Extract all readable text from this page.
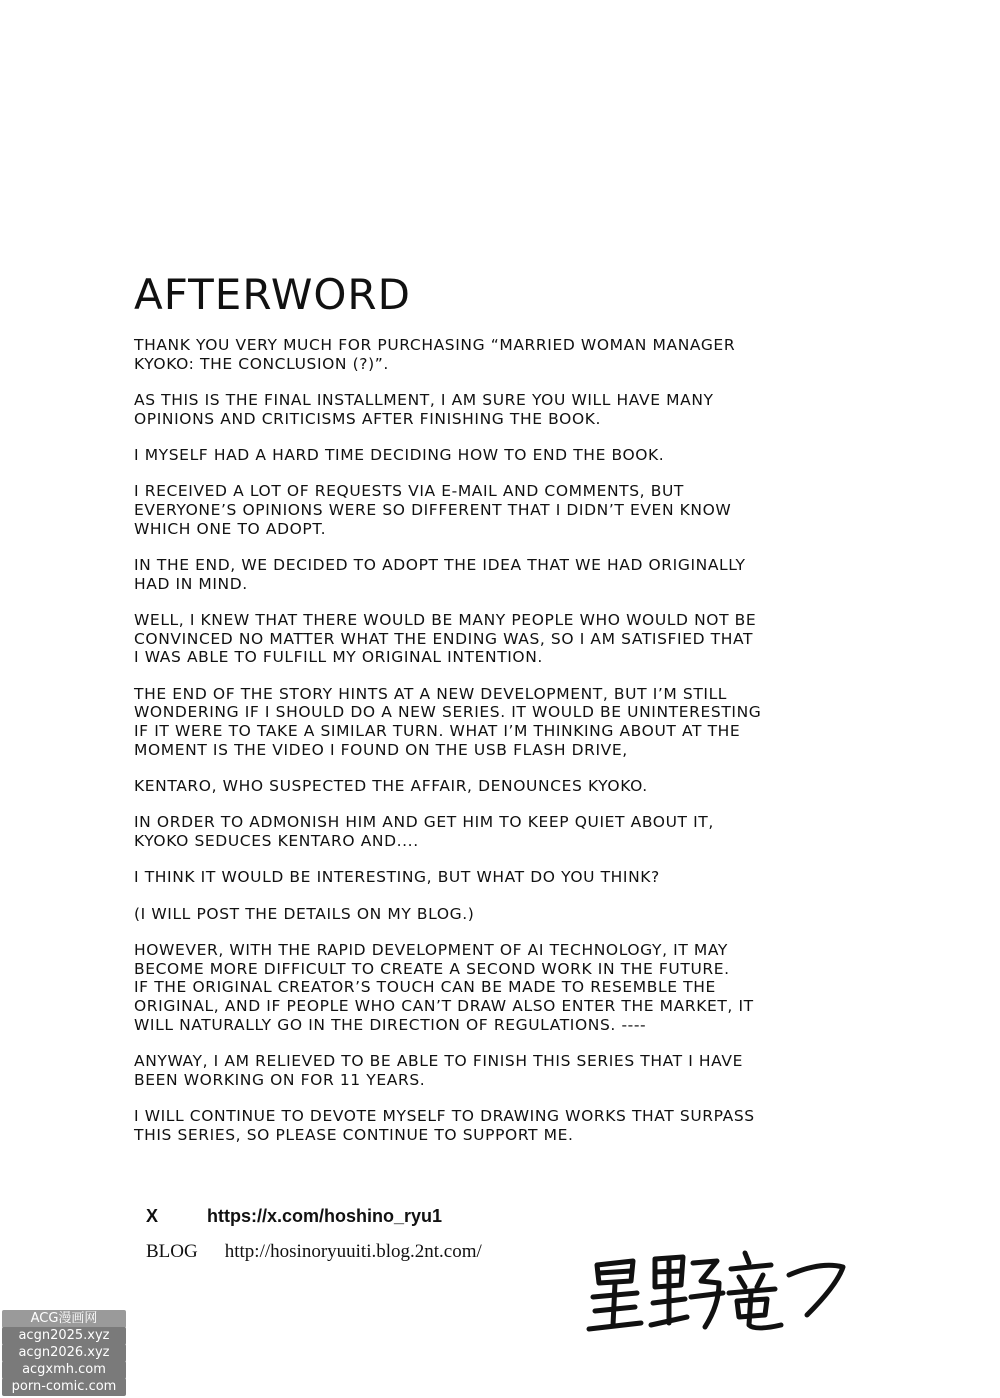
AFTERWORD

THANK YOU VERY MUCH FOR PURCHASING “MARRIED WOMAN MANAGER
KYOKO: THE CONCLUSION (?)”.

AS THIS IS THE FINAL INSTALLMENT, I AM SURE YOU WILL HAVE MANY
OPINIONS AND CRITICISMS AFTER FINISHING THE BOOK.

I MYSELF HAD A HARD TIME DECIDING HOW TO END THE BOOK.

I RECEIVED A LOT OF REQUESTS VIA E-MAIL AND COMMENTS, BUT
EVERYONE’S OPINIONS WERE SO DIFFERENT THAT I DIDN’T EVEN KNOW
WHICH ONE TO ADOPT.

IN THE END, WE DECIDED TO ADOPT THE IDEA THAT WE HAD ORIGINALLY
HAD IN MIND.

WELL, I KNEW THAT THERE WOULD BE MANY PEOPLE WHO WOULD NOT BE
CONVINCED NO MATTER WHAT THE ENDING WAS, SO I AM SATISFIED THAT
I WAS ABLE TO FULFILL MY ORIGINAL INTENTION.

THE END OF THE STORY HINTS AT A NEW DEVELOPMENT, BUT I’M STILL
WONDERING IF I SHOULD DO A NEW SERIES. IT WOULD BE UNINTERESTING
IF IT WERE TO TAKE A SIMILAR TURN. WHAT I’M THINKING ABOUT AT THE
MOMENT IS THE VIDEO I FOUND ON THE USB FLASH DRIVE,

KENTARO, WHO SUSPECTED THE AFFAIR, DENOUNCES KYOKO.

IN ORDER TO ADMONISH HIM AND GET HIM TO KEEP QUIET ABOUT IT,
KYOKO SEDUCES KENTARO AND....

I THINK IT WOULD BE INTERESTING, BUT WHAT DO YOU THINK?

(I WILL POST THE DETAILS ON MY BLOG.)

HOWEVER, WITH THE RAPID DEVELOPMENT OF AI TECHNOLOGY, IT MAY
BECOME MORE DIFFICULT TO CREATE A SECOND WORK IN THE FUTURE.
IF THE ORIGINAL CREATOR’S TOUCH CAN BE MADE TO RESEMBLE THE
ORIGINAL, AND IF PEOPLE WHO CAN’T DRAW ALSO ENTER THE MARKET, IT
WILL NATURALLY GO IN THE DIRECTION OF REGULATIONS. ----

ANYWAY, I AM RELIEVED TO BE ABLE TO FINISH THIS SERIES THAT I HAVE
BEEN WORKING ON FOR 11 YEARS.

I WILL CONTINUE TO DEVOTE MYSELF TO DRAWING WORKS THAT SURPASS
THIS SERIES, SO PLEASE CONTINUE TO SUPPORT ME.

X	https://x.com/hoshino_ryu1
BLOG http://hosinoryuuiti.blog.2nt.com/
ACG漫画网
acgn2025.xyz
acgn2026.xyz
acgxmh.com
porn-comic.com
